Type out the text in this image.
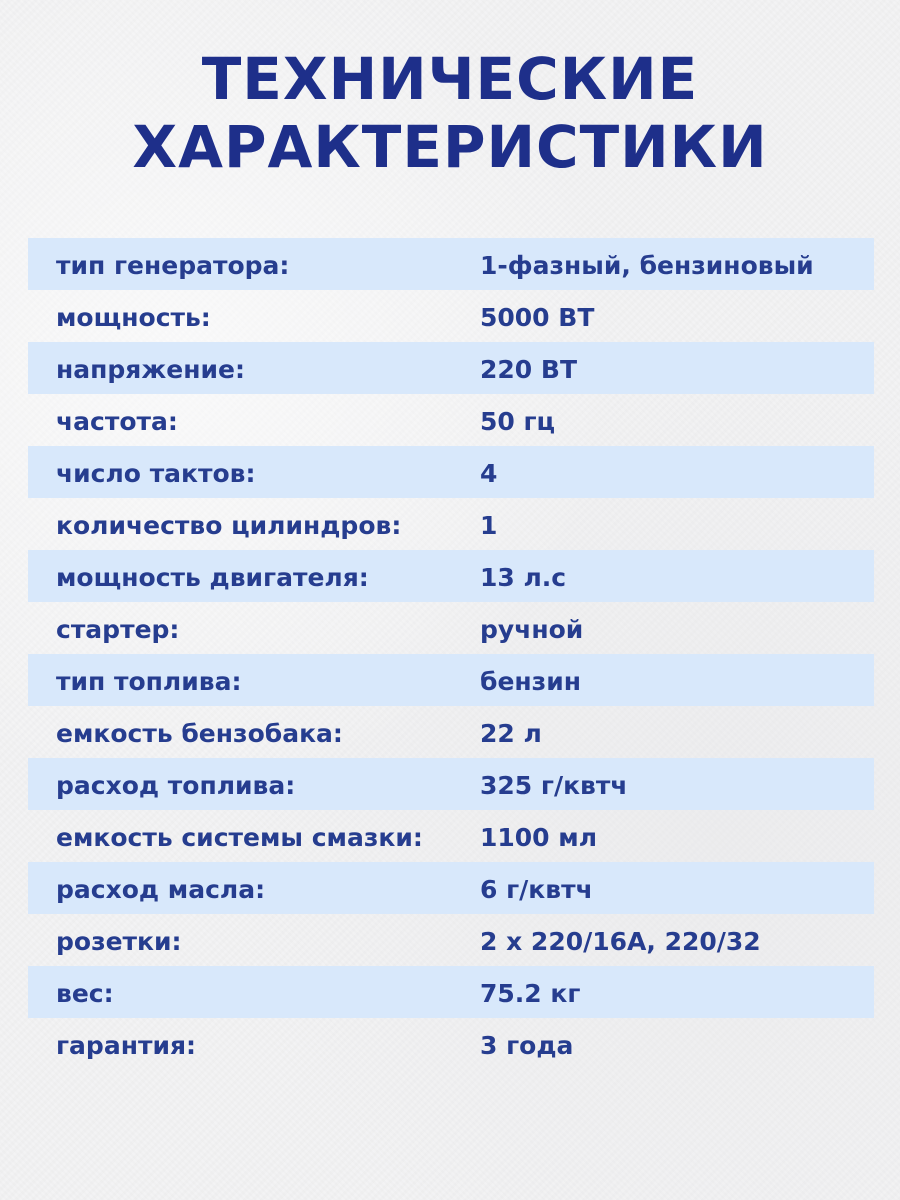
ТЕХНИЧЕСКИЕ
ХАРАКТЕРИСТИКИ
тип генератора:	1-фазный, бензиновый
мощность:	5000 ВТ
напряжение:	220 ВТ
частота:	50 гц
число тактов:	4
количество цилиндров:	1
мощность двигателя:	13 л.с
стартер:	ручной
тип топлива:	бензин
емкость бензобака:	22 л
расход топлива:	325 г/квтч
емкость системы смазки: 1100 мл
расход масла:	6 г/квтч
розетки:	2 х 220/16А, 220/32
вес:	75.2 кг
гарантия:	3 года
